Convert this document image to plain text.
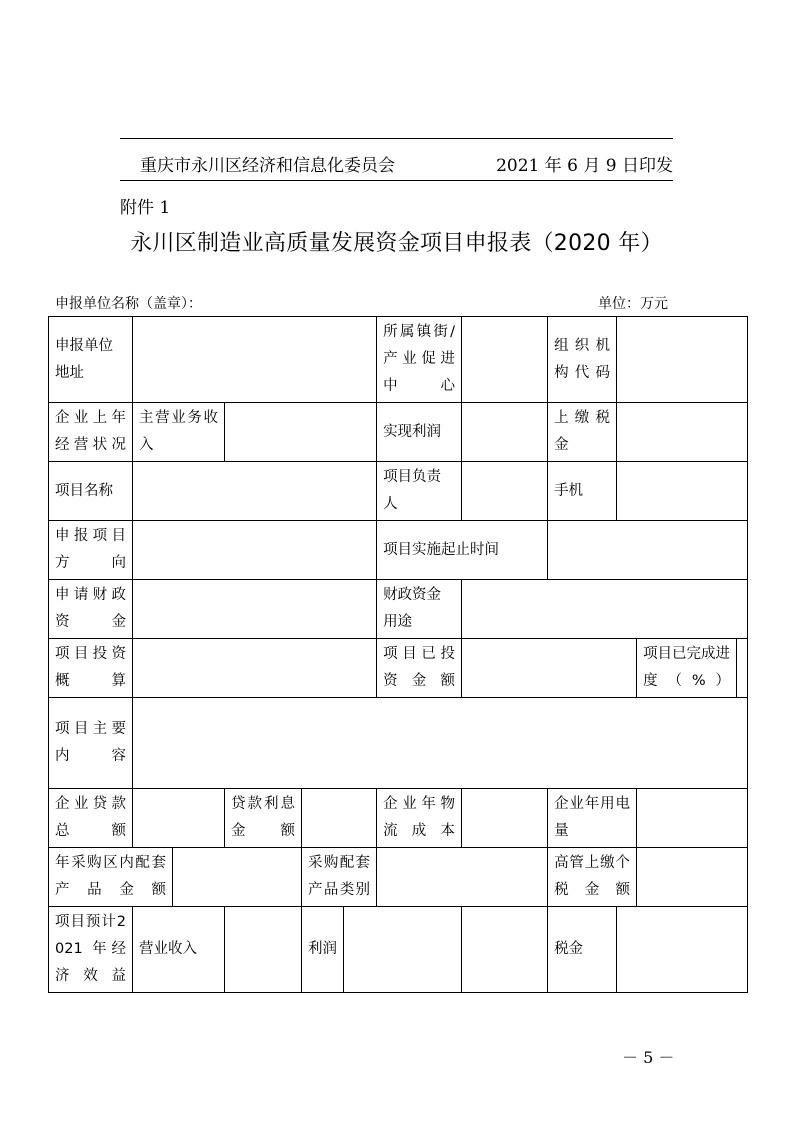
重庆市永川区经济和信息化委员会	2021 年 6 月 9 日印发
附件 1
永川区制造业高质量发展资金项目申报表（2020 年）
申报单位名称（盖章）：	单位：万元
申报单位地址						所属镇街/产业促进中心		组织机构代码			
企业上年经营状况	主营业务收入					实现利润		上缴税金			
项目名称						项目负责人		手机			
申报项目方向						项目实施起止时间					
申请财政资金						财政资金用途					
项目投资概算						项目已投资金额				项目已完成进度（%）	
项目主要内容											
企业贷款总额			贷款利息金额			企业年物流成本		企业年用电量			
年采购区内配套产品金额				采购配套产品类别				高管上缴个税金额			
项目预计2021 年经济效益	营业收入			利润				税金			
－ 5 －
